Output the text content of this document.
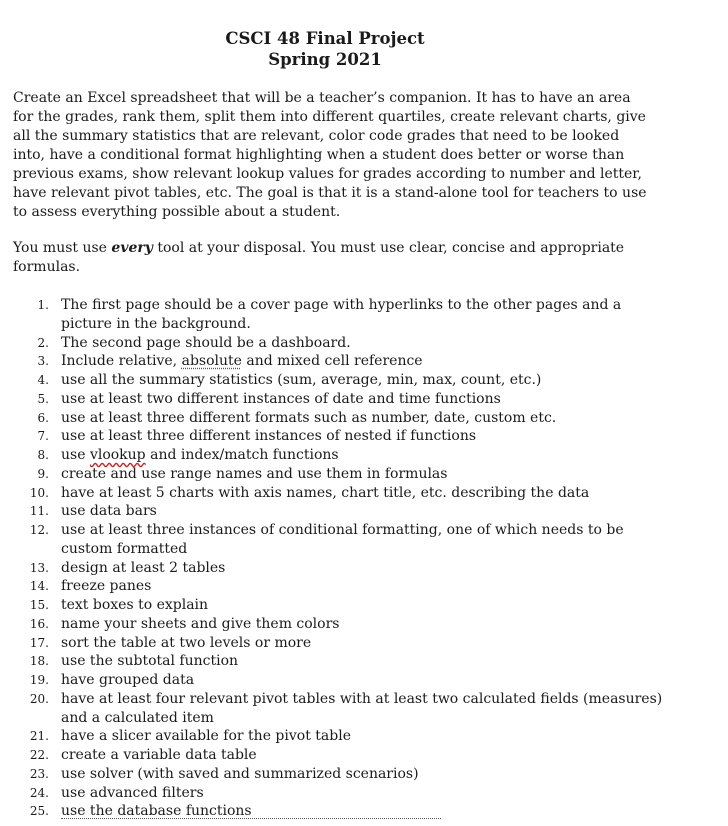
CSCI 48 Final Project
Spring 2021
Create an Excel spreadsheet that will be a teacher’s companion. It has to have an area for the grades, rank them, split them into different quartiles, create relevant charts, give all the summary statistics that are relevant, color code grades that need to be looked into, have a conditional format highlighting when a student does better or worse than previous exams, show relevant lookup values for grades according to number and letter, have relevant pivot tables, etc. The goal is that it is a stand-alone tool for teachers to use to assess everything possible about a student.
You must use every tool at your disposal. You must use clear, concise and appropriate formulas.
1. The first page should be a cover page with hyperlinks to the other pages and a
picture in the background.
2. The second page should be a dashboard.
3. Include relative, absolute and mixed cell reference
4. use all the summary statistics (sum, average, min, max, count, etc.)
5. use at least two different instances of date and time functions
6. use at least three different formats such as number, date, custom etc.
7. use at least three different instances of nested if functions
8. use vlookup and index/match functions
9. create and use range names and use them in formulas
10. have at least 5 charts with axis names, chart title, etc. describing the data
11. use data bars
12. use at least three instances of conditional formatting, one of which needs to be
custom formatted
13. design at least 2 tables
14. freeze panes
15. text boxes to explain
16. name your sheets and give them colors
17. sort the table at two levels or more
18. use the subtotal function
19. have grouped data
20. have at least four relevant pivot tables with at least two calculated fields (measures)
and a calculated item
21. have a slicer available for the pivot table
22. create a variable data table
23. use solver (with saved and summarized scenarios)
24. use advanced filters
25. use the database functions
